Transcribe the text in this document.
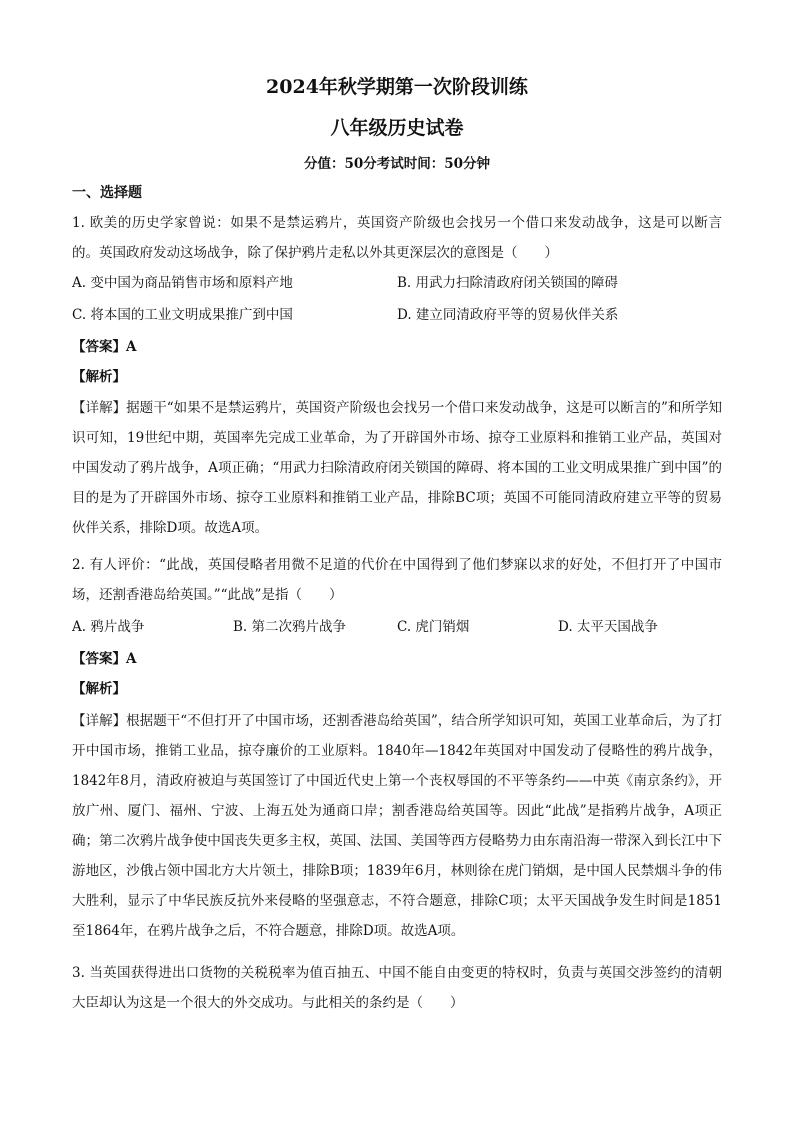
2024年秋学期第一次阶段训练
八年级历史试卷
分值：50分考试时间：50分钟
一、选择题

1. 欧美的历史学家曾说：如果不是禁运鸦片，英国资产阶级也会找另一个借口来发动战争，这是可以断言的。英国政府发动这场战争，除了保护鸦片走私以外其更深层次的意图是（　　）

A. 变中国为商品销售市场和原料产地	B. 用武力扫除清政府闭关锁国的障碍
C. 将本国的工业文明成果推广到中国	D. 建立同清政府平等的贸易伙伴关系
【答案】A
【解析】

【详解】据题干“如果不是禁运鸦片，英国资产阶级也会找另一个借口来发动战争，这是可以断言的”和所学知识可知，19世纪中期，英国率先完成工业革命，为了开辟国外市场、掠夺工业原料和推销工业产品，英国对中国发动了鸦片战争，A项正确；“用武力扫除清政府闭关锁国的障碍、将本国的工业文明成果推广到中国”的目的是为了开辟国外市场、掠夺工业原料和推销工业产品，排除BC项；英国不可能同清政府建立平等的贸易伙伴关系，排除D项。故选A项。

2. 有人评价：“此战，英国侵略者用微不足道的代价在中国得到了他们梦寐以求的好处，不但打开了中国市场，还割香港岛给英国。”“此战”是指（　　）

A. 鸦片战争	B. 第二次鸦片战争	C. 虎门销烟	D. 太平天国战争
【答案】A
【解析】

【详解】根据题干“不但打开了中国市场，还割香港岛给英国”，结合所学知识可知，英国工业革命后，为了打开中国市场，推销工业品，掠夺廉价的工业原料。1840年—1842年英国对中国发动了侵略性的鸦片战争，1842年8月，清政府被迫与英国签订了中国近代史上第一个丧权辱国的不平等条约——中英《南京条约》，开放广州、厦门、福州、宁波、上海五处为通商口岸；割香港岛给英国等。因此“此战”是指鸦片战争，A项正确；第二次鸦片战争使中国丧失更多主权，英国、法国、美国等西方侵略势力由东南沿海一带深入到长江中下游地区，沙俄占领中国北方大片领土，排除B项；1839年6月，林则徐在虎门销烟，是中国人民禁烟斗争的伟大胜利，显示了中华民族反抗外来侵略的坚强意志，不符合题意，排除C项；太平天国战争发生时间是1851至1864年，在鸦片战争之后，不符合题意，排除D项。故选A项。

3. 当英国获得进出口货物的关税税率为值百抽五、中国不能自由变更的特权时，负责与英国交涉签约的清朝大臣却认为这是一个很大的外交成功。与此相关的条约是（　　）
